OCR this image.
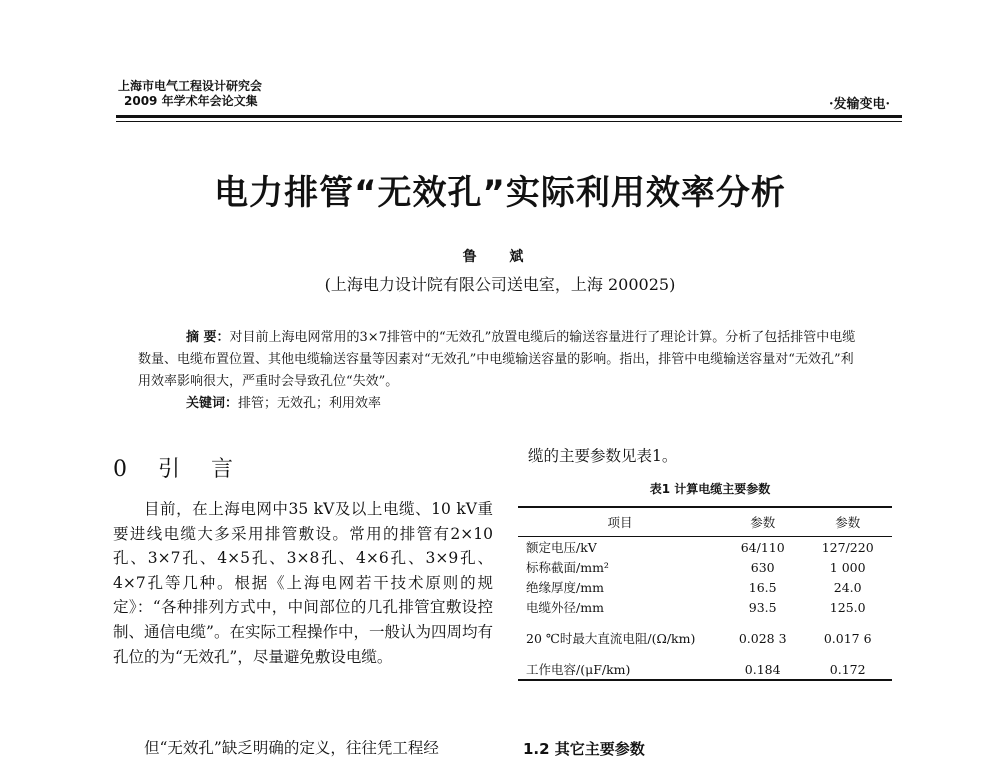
上海市电气工程设计研究会
2009 年学术年会论文集	·发输变电·
电力排管“无效孔”实际利用效率分析
鲁 斌
(上海电力设计院有限公司送电室，上海 200025)
摘 要：对目前上海电网常用的3×7排管中的“无效孔”放置电缆后的输送容量进行了理论计算。分析了包括排管中电缆数量、电缆布置位置、其他电缆输送容量等因素对“无效孔”中电缆输送容量的影响。指出，排管中电缆输送容量对“无效孔”利用效率影响很大，严重时会导致孔位“失效”。
关键词：排管；无效孔；利用效率
0 引 言
目前，在上海电网中35 kV及以上电缆、10 kV重要进线电缆大多采用排管敷设。常用的排管有2×10孔、3×7孔、4×5孔、3×8孔、4×6孔、3×9孔、4×7孔等几种。根据《上海电网若干技术原则的规定》：“各种排列方式中，中间部位的几孔排管宜敷设控制、通信电缆”。在实际工程操作中，一般认为四周均有孔位的为“无效孔”，尽量避免敷设电缆。
但“无效孔”缺乏明确的定义，往往凭工程经
缆的主要参数见表1。
表1 计算电缆主要参数
项目	参数	参数
额定电压/kV	64/110	127/220
标称截面/mm²	630	1 000
绝缘厚度/mm	16.5	24.0
电缆外径/mm	93.5	125.0
20 ℃时最大直流电阻/(Ω/km)	0.028 3	0.017 6
工作电容/(μF/km)	0.184	0.172
1.2 其它主要参数
